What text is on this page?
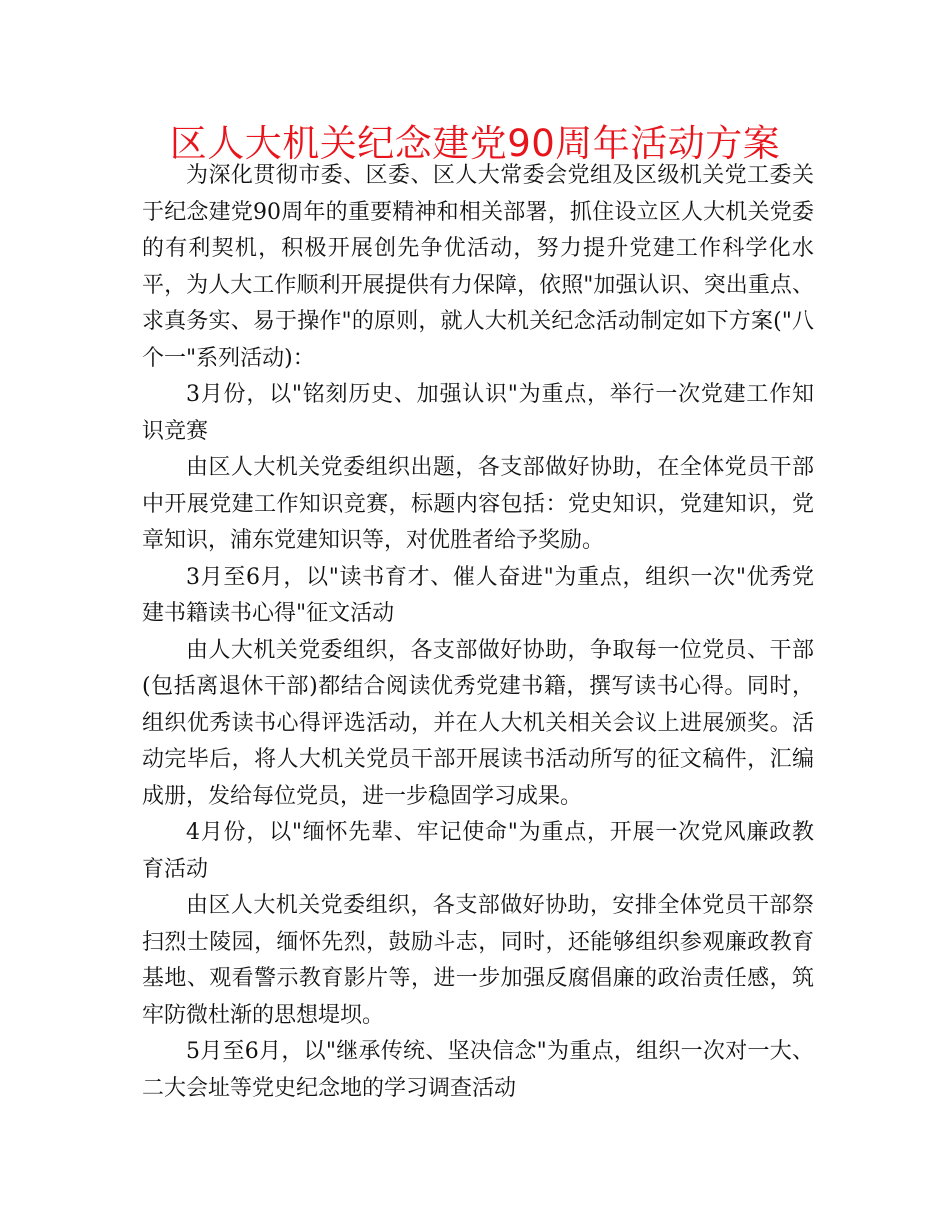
区人大机关纪念建党90周年活动方案

为深化贯彻市委、区委、区人大常委会党组及区级机关党工委关于纪念建党90周年的重要精神和相关部署，抓住设立区人大机关党委的有利契机，积极开展创先争优活动，努力提升党建工作科学化水平，为人大工作顺利开展提供有力保障，依照"加强认识、突出重点、求真务实、易于操作"的原则，就人大机关纪念活动制定如下方案("八个一"系列活动)：

3月份，以"铭刻历史、加强认识"为重点，举行一次党建工作知识竞赛

由区人大机关党委组织出题，各支部做好协助，在全体党员干部中开展党建工作知识竞赛，标题内容包括：党史知识，党建知识，党章知识，浦东党建知识等，对优胜者给予奖励。

3月至6月，以"读书育才、催人奋进"为重点，组织一次"优秀党建书籍读书心得"征文活动

由人大机关党委组织，各支部做好协助，争取每一位党员、干部(包括离退休干部)都结合阅读优秀党建书籍，撰写读书心得。同时，组织优秀读书心得评选活动，并在人大机关相关会议上进展颁奖。活动完毕后，将人大机关党员干部开展读书活动所写的征文稿件，汇编成册，发给每位党员，进一步稳固学习成果。

4月份，以"缅怀先辈、牢记使命"为重点，开展一次党风廉政教育活动

由区人大机关党委组织，各支部做好协助，安排全体党员干部祭扫烈士陵园，缅怀先烈，鼓励斗志，同时，还能够组织参观廉政教育基地、观看警示教育影片等，进一步加强反腐倡廉的政治责任感，筑牢防微杜渐的思想堤坝。

5月至6月，以"继承传统、坚决信念"为重点，组织一次对一大、二大会址等党史纪念地的学习调查活动
